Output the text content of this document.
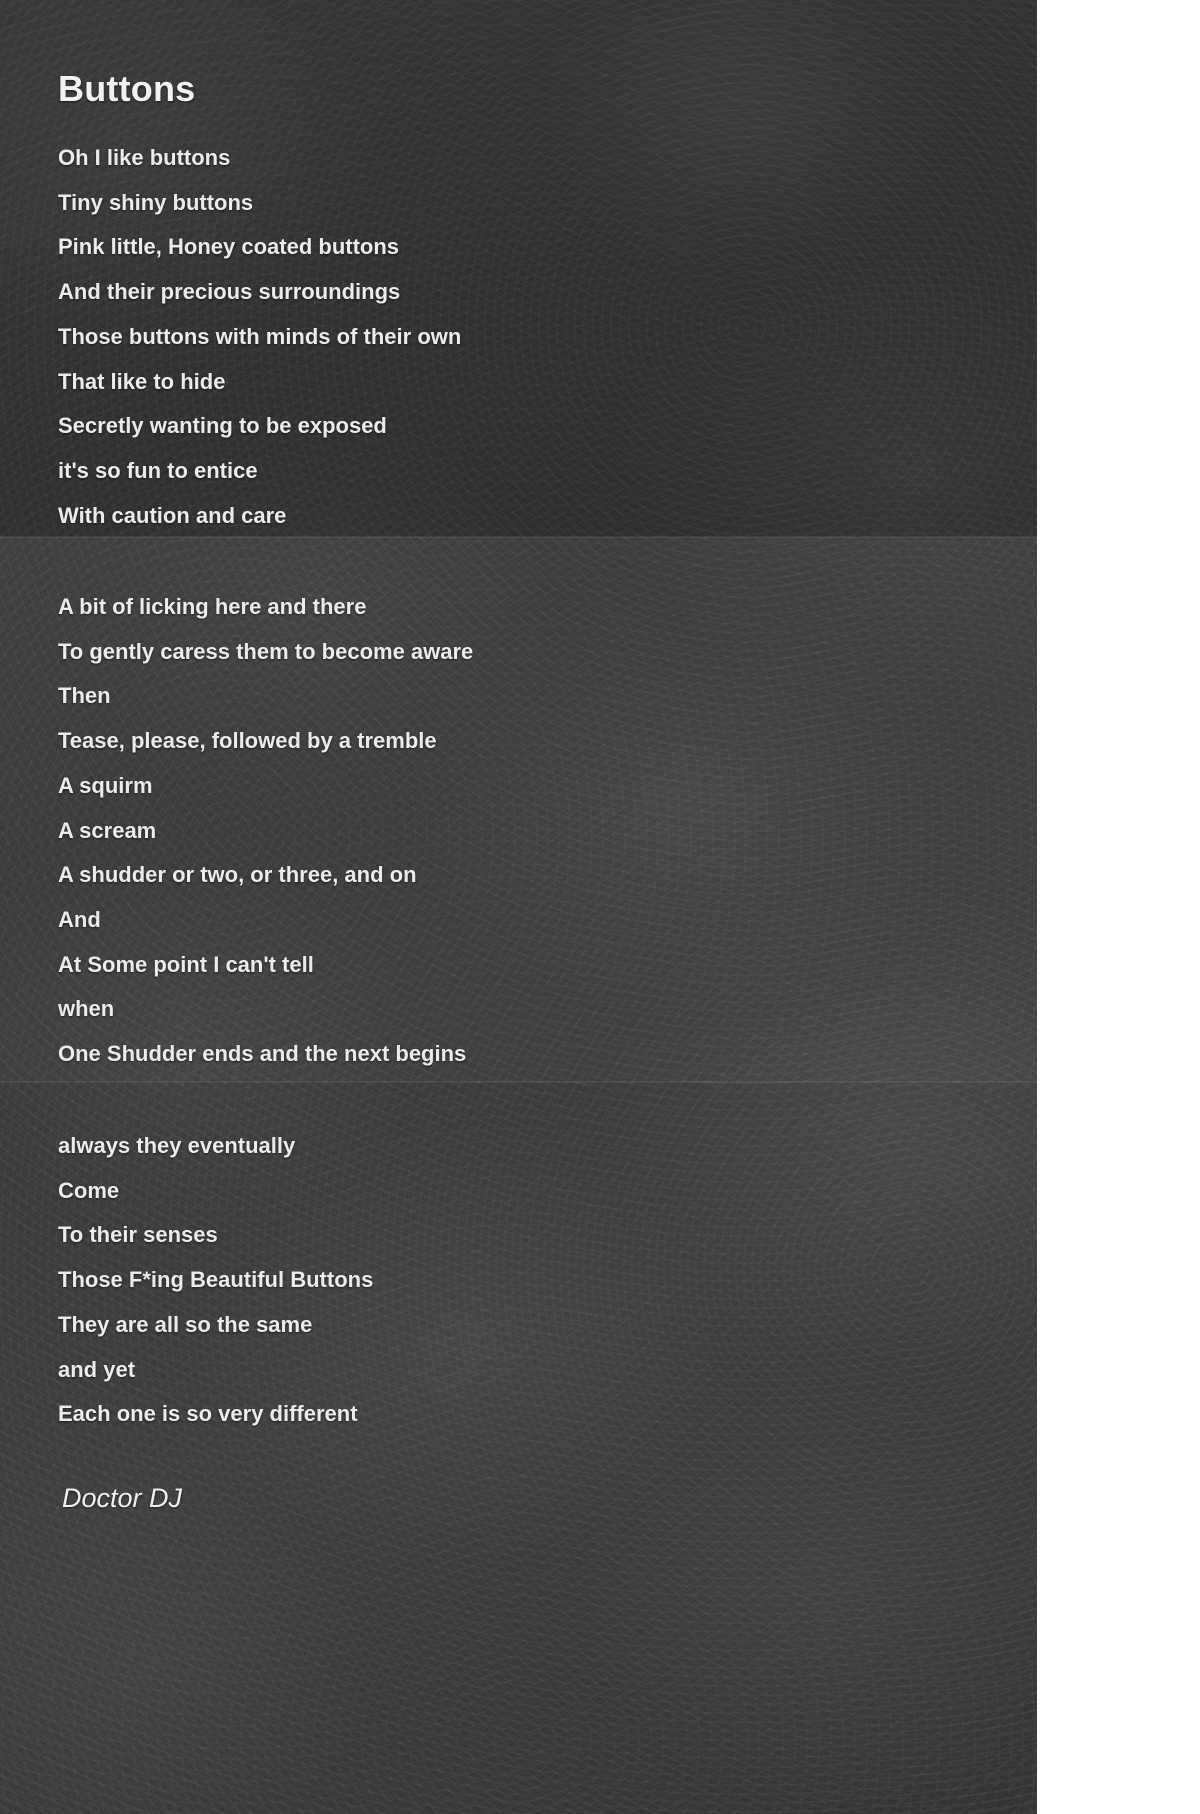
Buttons
Oh I like buttons
Tiny shiny buttons
Pink little, Honey coated buttons
And their precious surroundings
Those buttons with minds of their own
That like to hide
Secretly wanting to be exposed
it's so fun to entice
With caution and care
A bit of licking here and there
To gently caress them to become aware
Then
Tease, please, followed by a tremble
A squirm
A scream
A shudder or two, or three, and on
And
At Some point I can't tell
when
One Shudder ends and the next begins
always they eventually
Come
To their senses
Those F*ing Beautiful Buttons
They are all so the same
and yet
Each one is so very different
Doctor DJ
